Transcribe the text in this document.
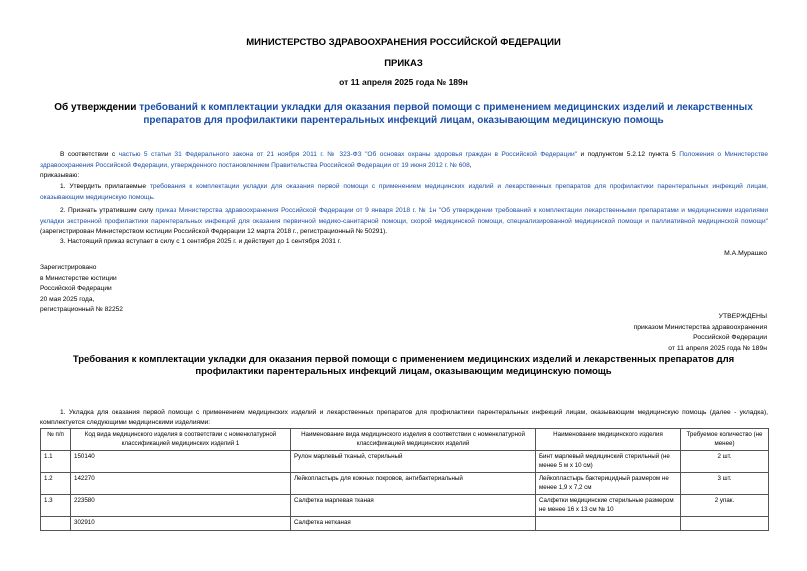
МИНИСТЕРСТВО ЗДРАВООХРАНЕНИЯ РОССИЙСКОЙ ФЕДЕРАЦИИ
ПРИКАЗ
от 11 апреля 2025 года № 189н
Об утверждении требований к комплектации укладки для оказания первой помощи с применением медицинских изделий и лекарственных препаратов для профилактики парентеральных инфекций лицам, оказывающим медицинскую помощь
В соответствии с частью 5 статьи 31 Федерального закона от 21 ноября 2011 г. № 323-ФЗ "Об основах охраны здоровья граждан в Российской Федерации" и подпунктом 5.2.12 пункта 5 Положения о Министерстве здравоохранения Российской Федерации, утвержденного постановлением Правительства Российской Федерации от 19 июня 2012 г. № 608,
приказываю:
1. Утвердить прилагаемые требования к комплектации укладки для оказания первой помощи с применением медицинских изделий и лекарственных препаратов для профилактики парентеральных инфекций лицам, оказывающим медицинскую помощь.
2. Признать утратившим силу приказ Министерства здравоохранения Российской Федерации от 9 января 2018 г. № 1н "Об утверждении требований к комплектации лекарственными препаратами и медицинскими изделиями укладки экстренной профилактики парентеральных инфекций для оказания первичной медико-санитарной помощи, скорой медицинской помощи, специализированной медицинской помощи и паллиативной медицинской помощи" (зарегистрирован Министерством юстиции Российской Федерации 12 марта 2018 г., регистрационный № 50291).
3. Настоящий приказ вступает в силу с 1 сентября 2025 г. и действует до 1 сентября 2031 г.
М.А.Мурашко
Зарегистрировано
в Министерстве юстиции
Российской Федерации
20 мая 2025 года,
регистрационный № 82252
УТВЕРЖДЕНЫ
приказом Министерства здравоохранения
Российской Федерации
от 11 апреля 2025 года № 189н
Требования к комплектации укладки для оказания первой помощи с применением медицинских изделий и лекарственных препаратов для профилактики парентеральных инфекций лицам, оказывающим медицинскую помощь
1. Укладка для оказания первой помощи с применением медицинских изделий и лекарственных препаратов для профилактики парентеральных инфекций лицам, оказывающим медицинскую помощь (далее - укладка), комплектуется следующими медицинскими изделиями:
№ п/п	Код вида медицинского изделия в соответствии с номенклатурной классификацией медицинских изделий 1	Наименование вида медицинского изделия в соответствии с номенклатурной классификацией медицинских изделий	Наименование медицинского изделия	Требуемое количество (не менее)
1.1	150140	Рулон марлевый тканый, стерильный	Бинт марлевый медицинский стерильный (не менее 5 м х 10 см)	2 шт.
1.2	142270	Лейкопластырь для кожных покровов, антибактериальный	Лейкопластырь бактерицидный размером не менее 1,9 х 7,2 см	3 шт.
1.3	223580	Салфетка марлевая тканая	Салфетки медицинские стерильные размером не менее 16 х 13 см № 10	2 упак.
	302910	Салфетка нетканая		
